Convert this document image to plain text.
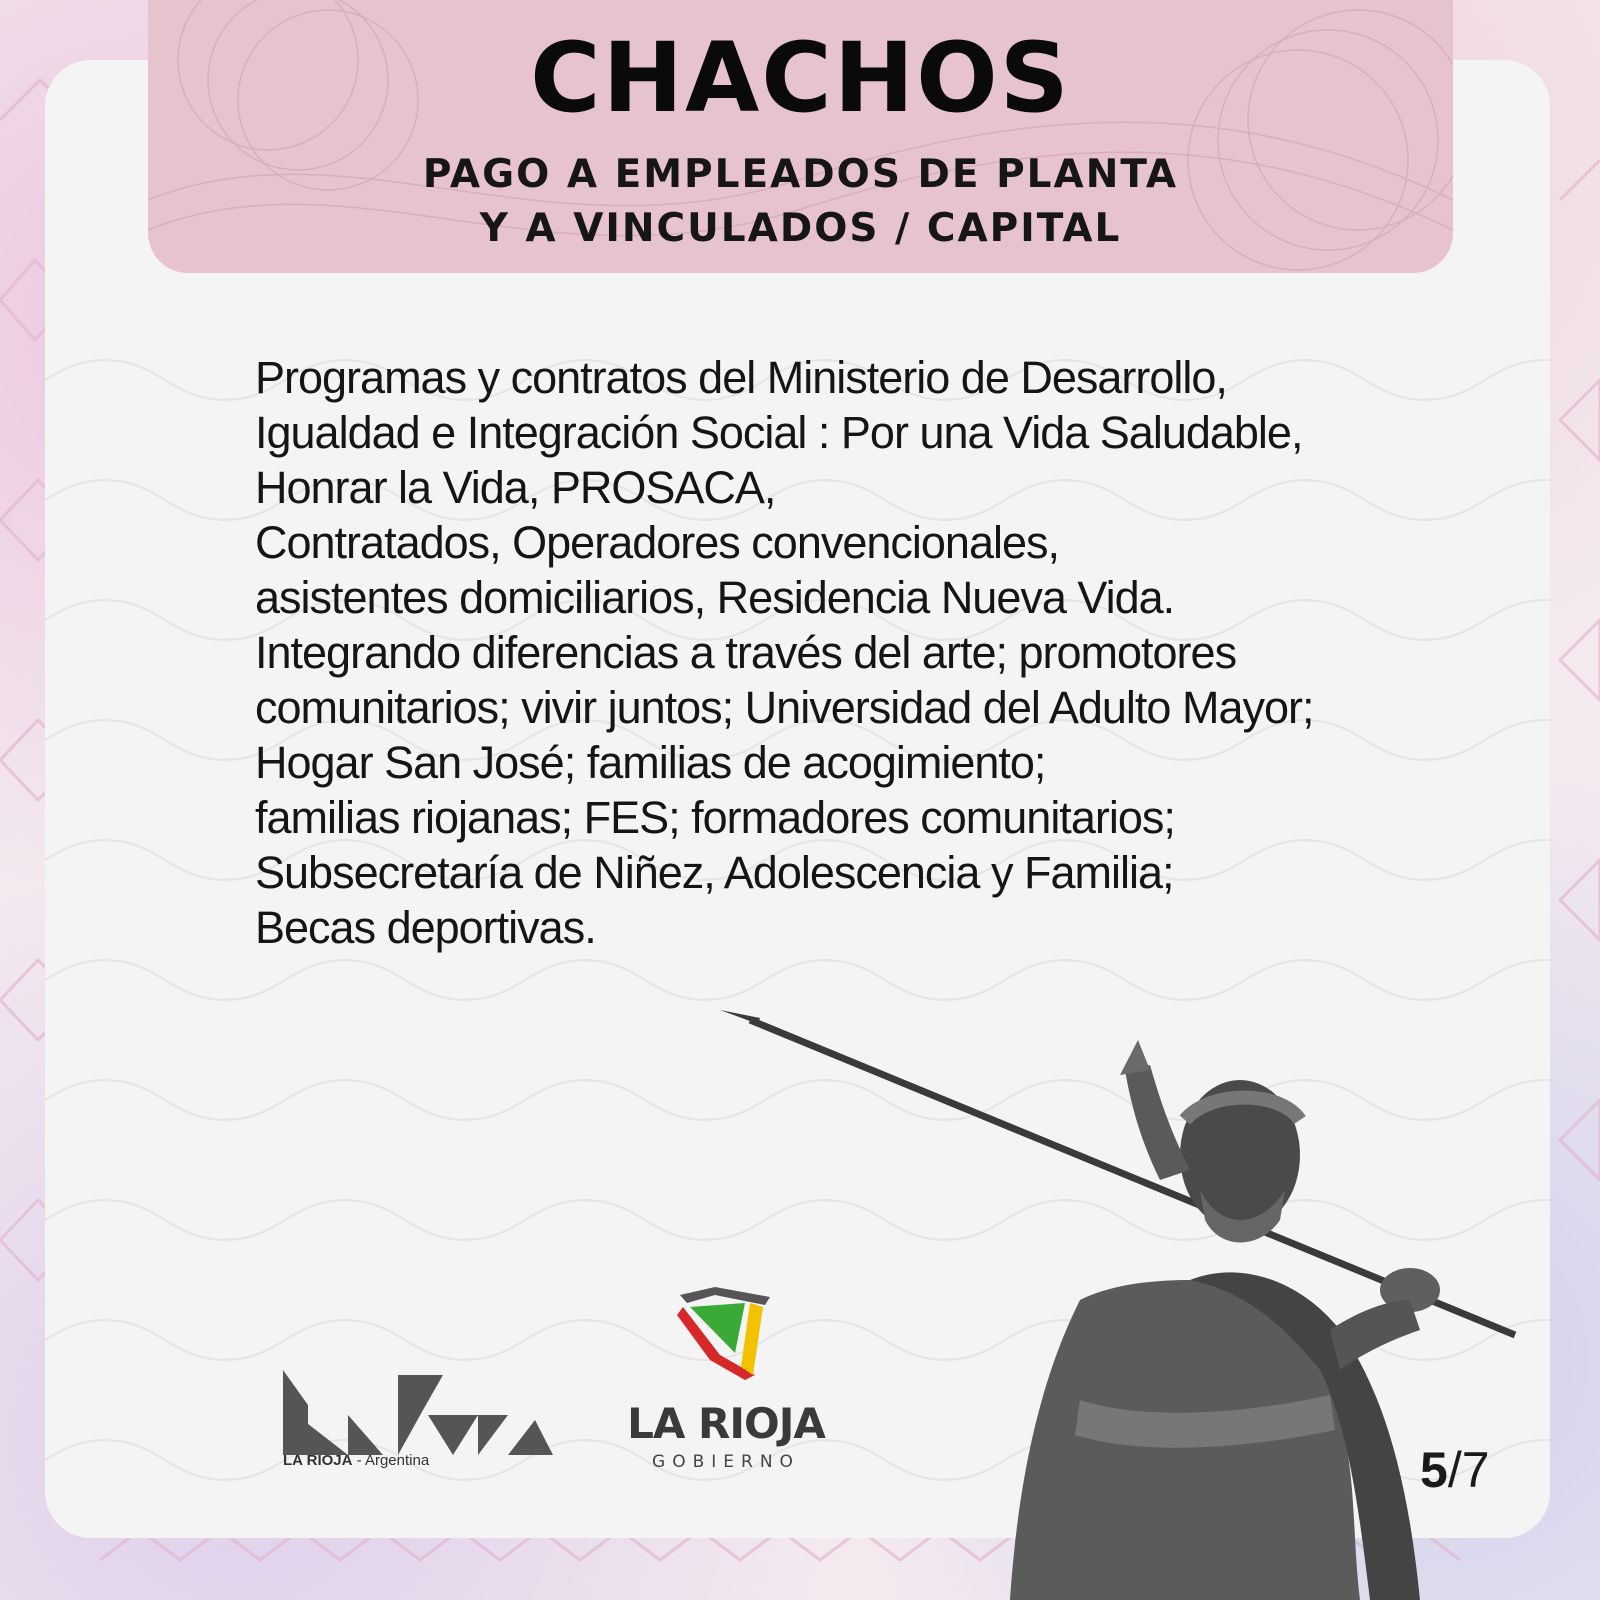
CHACHOS
PAGO A EMPLEADOS DE PLANTA
Y A VINCULADOS / CAPITAL
Programas y contratos del Ministerio de Desarrollo,
Igualdad e Integración Social : Por una Vida Saludable,
Honrar la Vida, PROSACA,
Contratados, Operadores convencionales,
asistentes domiciliarios, Residencia Nueva Vida.
Integrando diferencias a través del arte; promotores
comunitarios; vivir juntos; Universidad del Adulto Mayor;
Hogar San José; familias de acogimiento;
familias riojanas; FES; formadores comunitarios;
Subsecretaría de Niñez, Adolescencia y Familia;
Becas deportivas.
LA RIOJA - Argentina
LA RIOJA
GOBIERNO	5/7
